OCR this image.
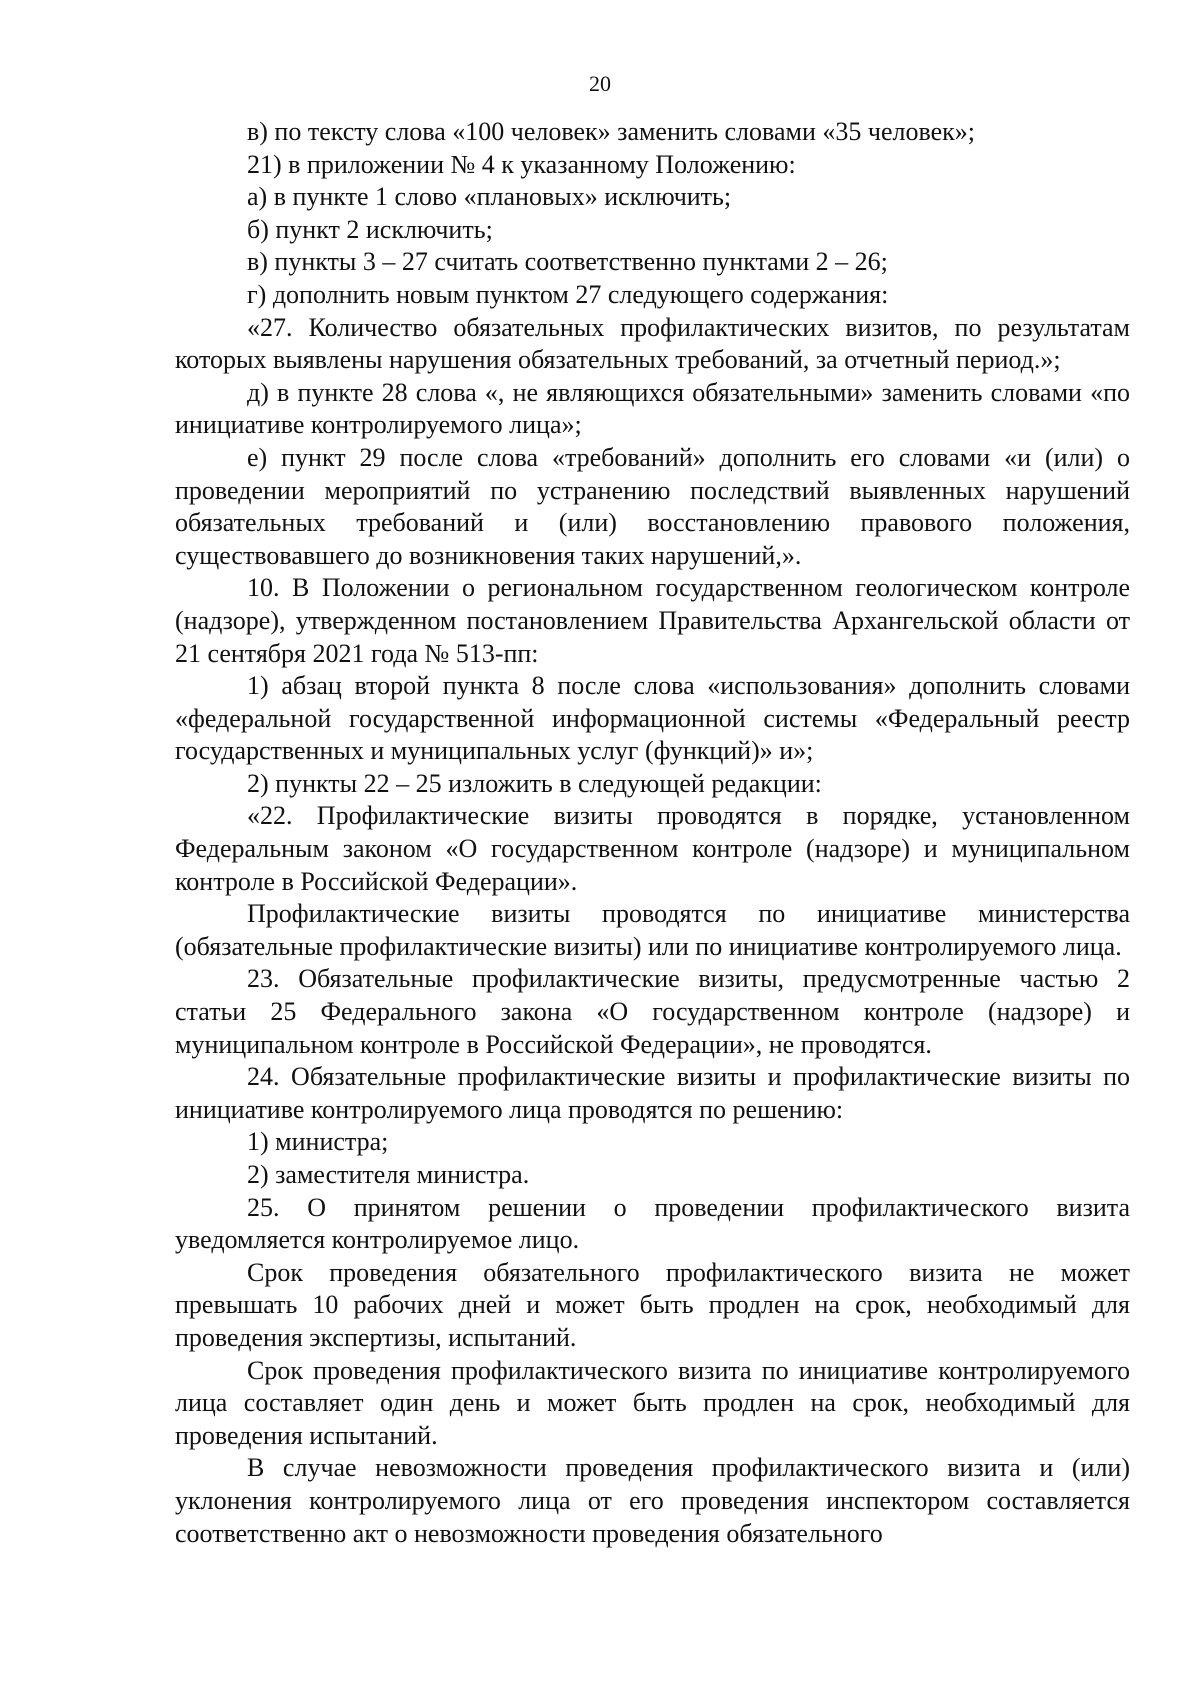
20

в) по тексту слова «100 человек» заменить словами «35 человек»;

21) в приложении № 4 к указанному Положению:

а) в пункте 1 слово «плановых» исключить;

б) пункт 2 исключить;

в) пункты 3 – 27 считать соответственно пунктами 2 – 26;

г) дополнить новым пунктом 27 следующего содержания:

«27. Количество обязательных профилактических визитов, по результатам которых выявлены нарушения обязательных требований, за отчетный период.»;

д) в пункте 28 слова «, не являющихся обязательными» заменить словами «по инициативе контролируемого лица»;

е) пункт 29 после слова «требований» дополнить его словами «и (или) о проведении мероприятий по устранению последствий выявленных нарушений обязательных требований и (или) восстановлению правового положения, существовавшего до возникновения таких нарушений,».

10. В Положении о региональном государственном геологическом контроле (надзоре), утвержденном постановлением Правительства Архангельской области от 21 сентября 2021 года № 513-пп:

1) абзац второй пункта 8 после слова «использования» дополнить словами «федеральной государственной информационной системы «Федеральный реестр государственных и муниципальных услуг (функций)» и»;

2) пункты 22 – 25 изложить в следующей редакции:

«22. Профилактические визиты проводятся в порядке, установленном Федеральным законом «О государственном контроле (надзоре) и муниципальном контроле в Российской Федерации».

Профилактические визиты проводятся по инициативе министерства (обязательные профилактические визиты) или по инициативе контролируемого лица.

23. Обязательные профилактические визиты, предусмотренные частью 2 статьи 25 Федерального закона «О государственном контроле (надзоре) и муниципальном контроле в Российской Федерации», не проводятся.

24. Обязательные профилактические визиты и профилактические визиты по инициативе контролируемого лица проводятся по решению:

1) министра;

2) заместителя министра.

25. О принятом решении о проведении профилактического визита уведомляется контролируемое лицо.

Срок проведения обязательного профилактического визита не может превышать 10 рабочих дней и может быть продлен на срок, необходимый для проведения экспертизы, испытаний.

Срок проведения профилактического визита по инициативе контролируемого лица составляет один день и может быть продлен на срок, необходимый для проведения испытаний.

В случае невозможности проведения профилактического визита и (или) уклонения контролируемого лица от его проведения инспектором составляется соответственно акт о невозможности проведения обязательного
